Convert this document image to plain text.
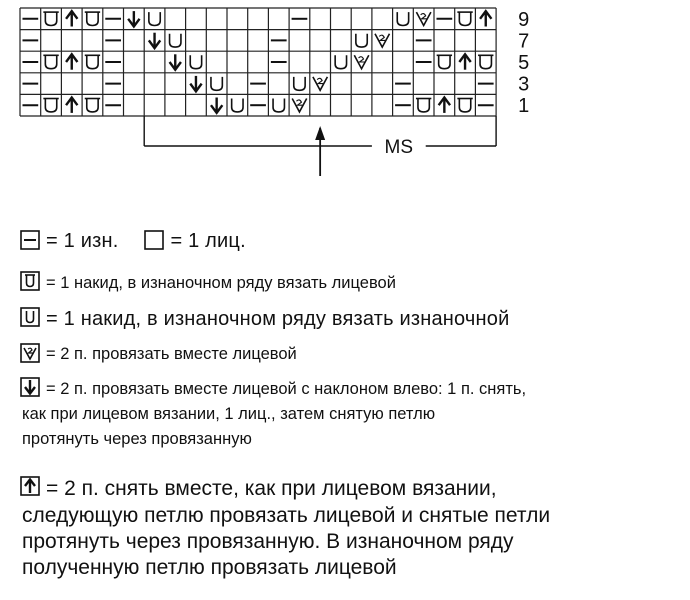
9
7
5
3
1
MS
= 1 изн.	= 1 лиц.
= 1 накид, в изнаночном ряду вязать лицевой
= 1 накид, в изнаночном ряду вязать изнаночной
= 2 п. провязать вместе лицевой
= 2 п. провязать вместе лицевой с наклоном влево: 1 п. снять,
как при лицевом вязании, 1 лиц., затем снятую петлю
протянуть через провязанную
= 2 п. снять вместе, как при лицевом вязании,
следующую петлю провязать лицевой и снятые петли
протянуть через провязанную. В изнаночном ряду
полученную петлю провязать лицевой
